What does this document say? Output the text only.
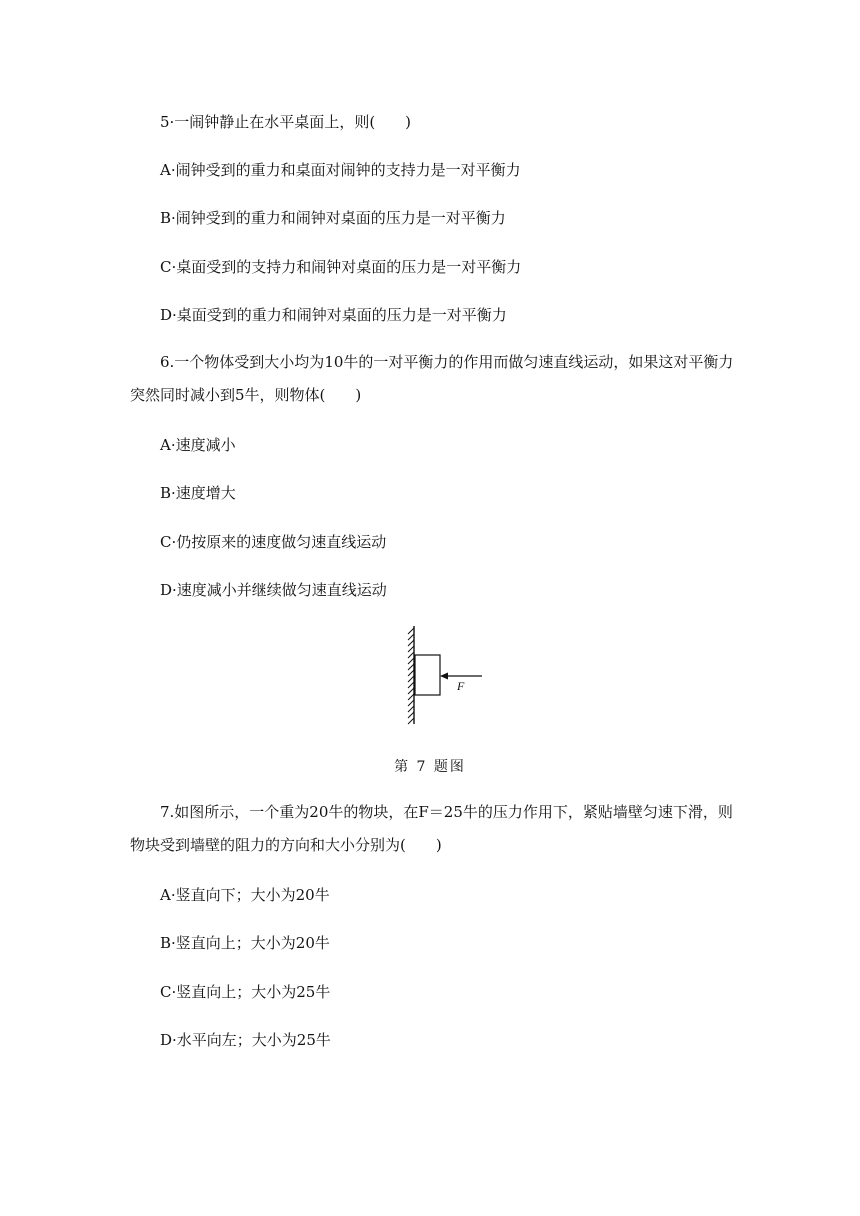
5·一闹钟静止在水平桌面上，则(　　)
A·闹钟受到的重力和桌面对闹钟的支持力是一对平衡力
B·闹钟受到的重力和闹钟对桌面的压力是一对平衡力
C·桌面受到的支持力和闹钟对桌面的压力是一对平衡力
D·桌面受到的重力和闹钟对桌面的压力是一对平衡力
6.一个物体受到大小均为10牛的一对平衡力的作用而做匀速直线运动，如果这对平衡力突然同时减小到5牛，则物体(　　)
A·速度减小
B·速度增大
C·仍按原来的速度做匀速直线运动
D·速度减小并继续做匀速直线运动
F
第 7 题图
7.如图所示，一个重为20牛的物块，在F＝25牛的压力作用下，紧贴墙壁匀速下滑，则物块受到墙壁的阻力的方向和大小分别为(　　)
A·竖直向下；大小为20牛
B·竖直向上；大小为20牛
C·竖直向上；大小为25牛
D·水平向左；大小为25牛
